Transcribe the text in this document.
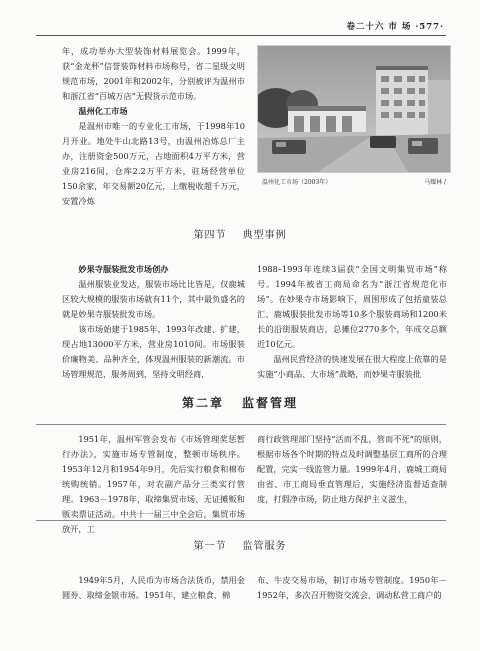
卷二十六 市 场 ·577·

年，成功举办大型装饰材料展览会。1999年，获“金龙杯”信誉装饰材料市场称号，省二星级文明规范市场，2001年和2002年，分别被评为温州市和浙江省“百城万店”无假货示范市场。

温州化工市场

是温州市唯一的专业化工市场，于1998年10月开业。地处牛山北路13号，由温州冶炼总厂主办，注册资金500万元，占地面积4万平方米，营业房216间，仓库2.2万平方米，驻场经营单位150余家，年交易额20亿元，上缴税收超千万元，安置冷炼

温州化工市场（2003年）	马耀林 /
第四节 典型事例

妙果寺服装批发市场创办

温州服装业发达，服装市场比比皆是，仅鹿城区较大规模的服装市场就有11个，其中最负盛名的就是妙果寺服装批发市场。

该市场始建于1985年，1993年改建、扩建，现占地13000平方米，营业房1010间。市场服装价廉物美、品种齐全，体现温州服装的新潮流。市场管理规范，服务周到，坚持文明经商，

1988–1993年连续3届获“全国文明集贸市场”称号。1994年被省工商局命名为“浙江省规范化市场”。在妙果寺市场影响下，周围形成了包括童装总汇、鹿城服装批发市场等10多个服装商场和1200米长的沿街服装商店，总摊位2770多个，年成交总额近10亿元。

温州民营经济的快速发展在很大程度上依靠的是实施“小商品、大市场”战略，而妙果寺服装批

第二章 监督管理

1951年，温州军管会发布《市场管理奖惩暂行办法》，实施市场专管制度，整顿市场秩序。1953年12月和1954年9月，先后实行粮食和棉布统购统销。1957年，对农副产品分三类实行管理。1963－1978年，取缔集贸市场、无证摊贩和贩卖票证活动。中共十一届三中全会后，集贸市场放开，工

商行政管理部门坚持“活而不乱，管而不死”的原则，根据市场各个时期的特点及时调整基层工商所的合理配置，完实一线监管力量。1999年4月，鹿城工商局由省、市工商局垂直管理后，实施经济监督适查制度，打假净市场，防止地方保护主义滋生，

第一节 监管服务

1949年5月，人民币为市场合法货币，禁用金圆券、取缔金银市场。1951年，建立粮食、棉

布、牛皮交易市场，制订市场专管制度。1950年－1952年，多次召开物资交流会、调动私营工商户的
